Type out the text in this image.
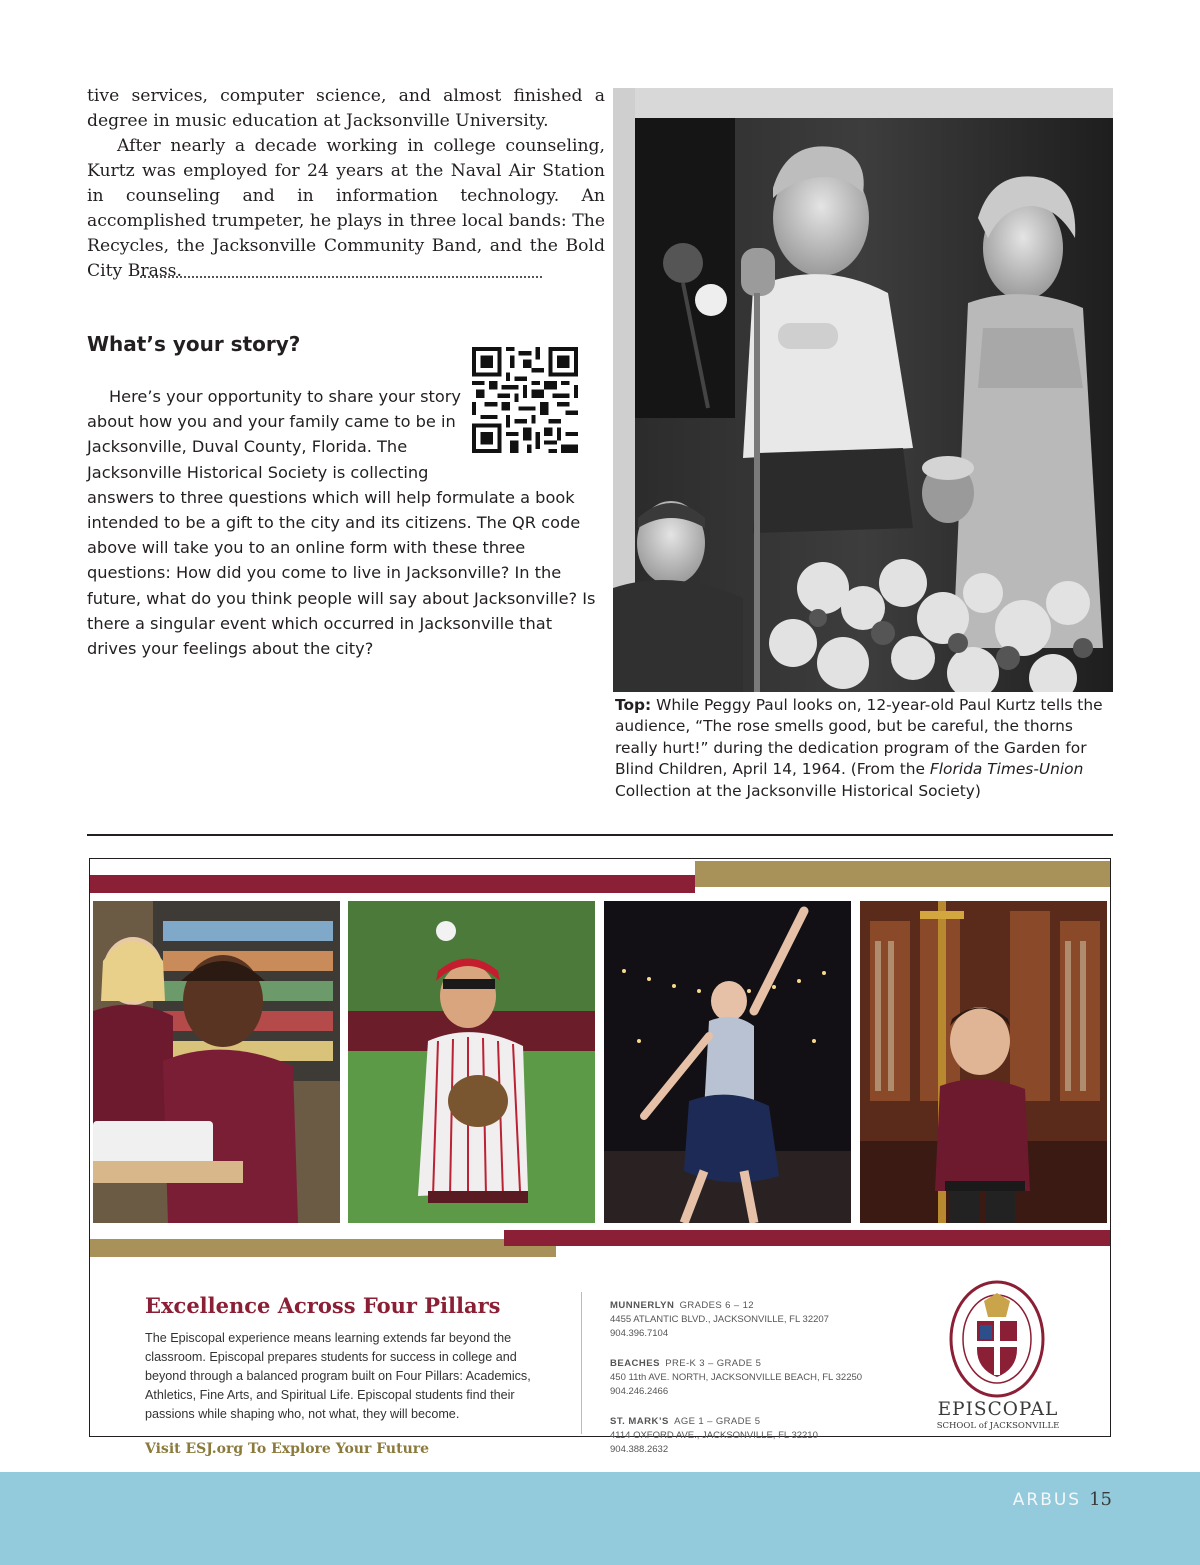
tive services, computer science, and almost finished a degree in music education at Jacksonville University.

After nearly a decade working in college counseling, Kurtz was employed for 24 years at the Naval Air Station in counseling and in information technology. An accomplished trumpeter, he plays in three local bands: The Recycles, the Jacksonville Community Band, and the Bold City Brass.

What’s your story?

Here’s your opportunity to share your story about how you and your family came to be in Jacksonville, Duval County, Florida. The Jacksonville Historical Society is collecting answers to three questions which will help formulate a book intended to be a gift to the city and its citizens. The QR code above will take you to an online form with these three questions: How did you come to live in Jacksonville? In the future, what do you think people will say about Jacksonville? Is there a singular event which occurred in Jacksonville that drives your feelings about the city?

Top: While Peggy Paul looks on, 12-year-old Paul Kurtz tells the audience, “The rose smells good, but be careful, the thorns really hurt!” during the dedication program of the Garden for Blind Children, April 14, 1964. (From the Florida Times-Union Collection at the Jacksonville Historical Society)

Excellence Across Four Pillars

The Episcopal experience means learning extends far beyond the classroom. Episcopal prepares students for success in college and beyond through a balanced program built on Four Pillars: Academics, Athletics, Fine Arts, and Spiritual Life. Episcopal students find their passions while shaping who, not what, they will become.

Visit ESJ.org To Explore Your Future

MUNNERLYN GRADES 6 – 12
4455 ATLANTIC BLVD., JACKSONVILLE, FL 32207
904.396.7104
BEACHES PRE-K 3 – GRADE 5
450 11th AVE. NORTH, JACKSONVILLE BEACH, FL 32250
904.246.2466
ST. MARK’S AGE 1 – GRADE 5
4114 OXFORD AVE., JACKSONVILLE, FL 32210
904.388.2632

EPISCOPAL

SCHOOL of JACKSONVILLE

ARBUS 15
